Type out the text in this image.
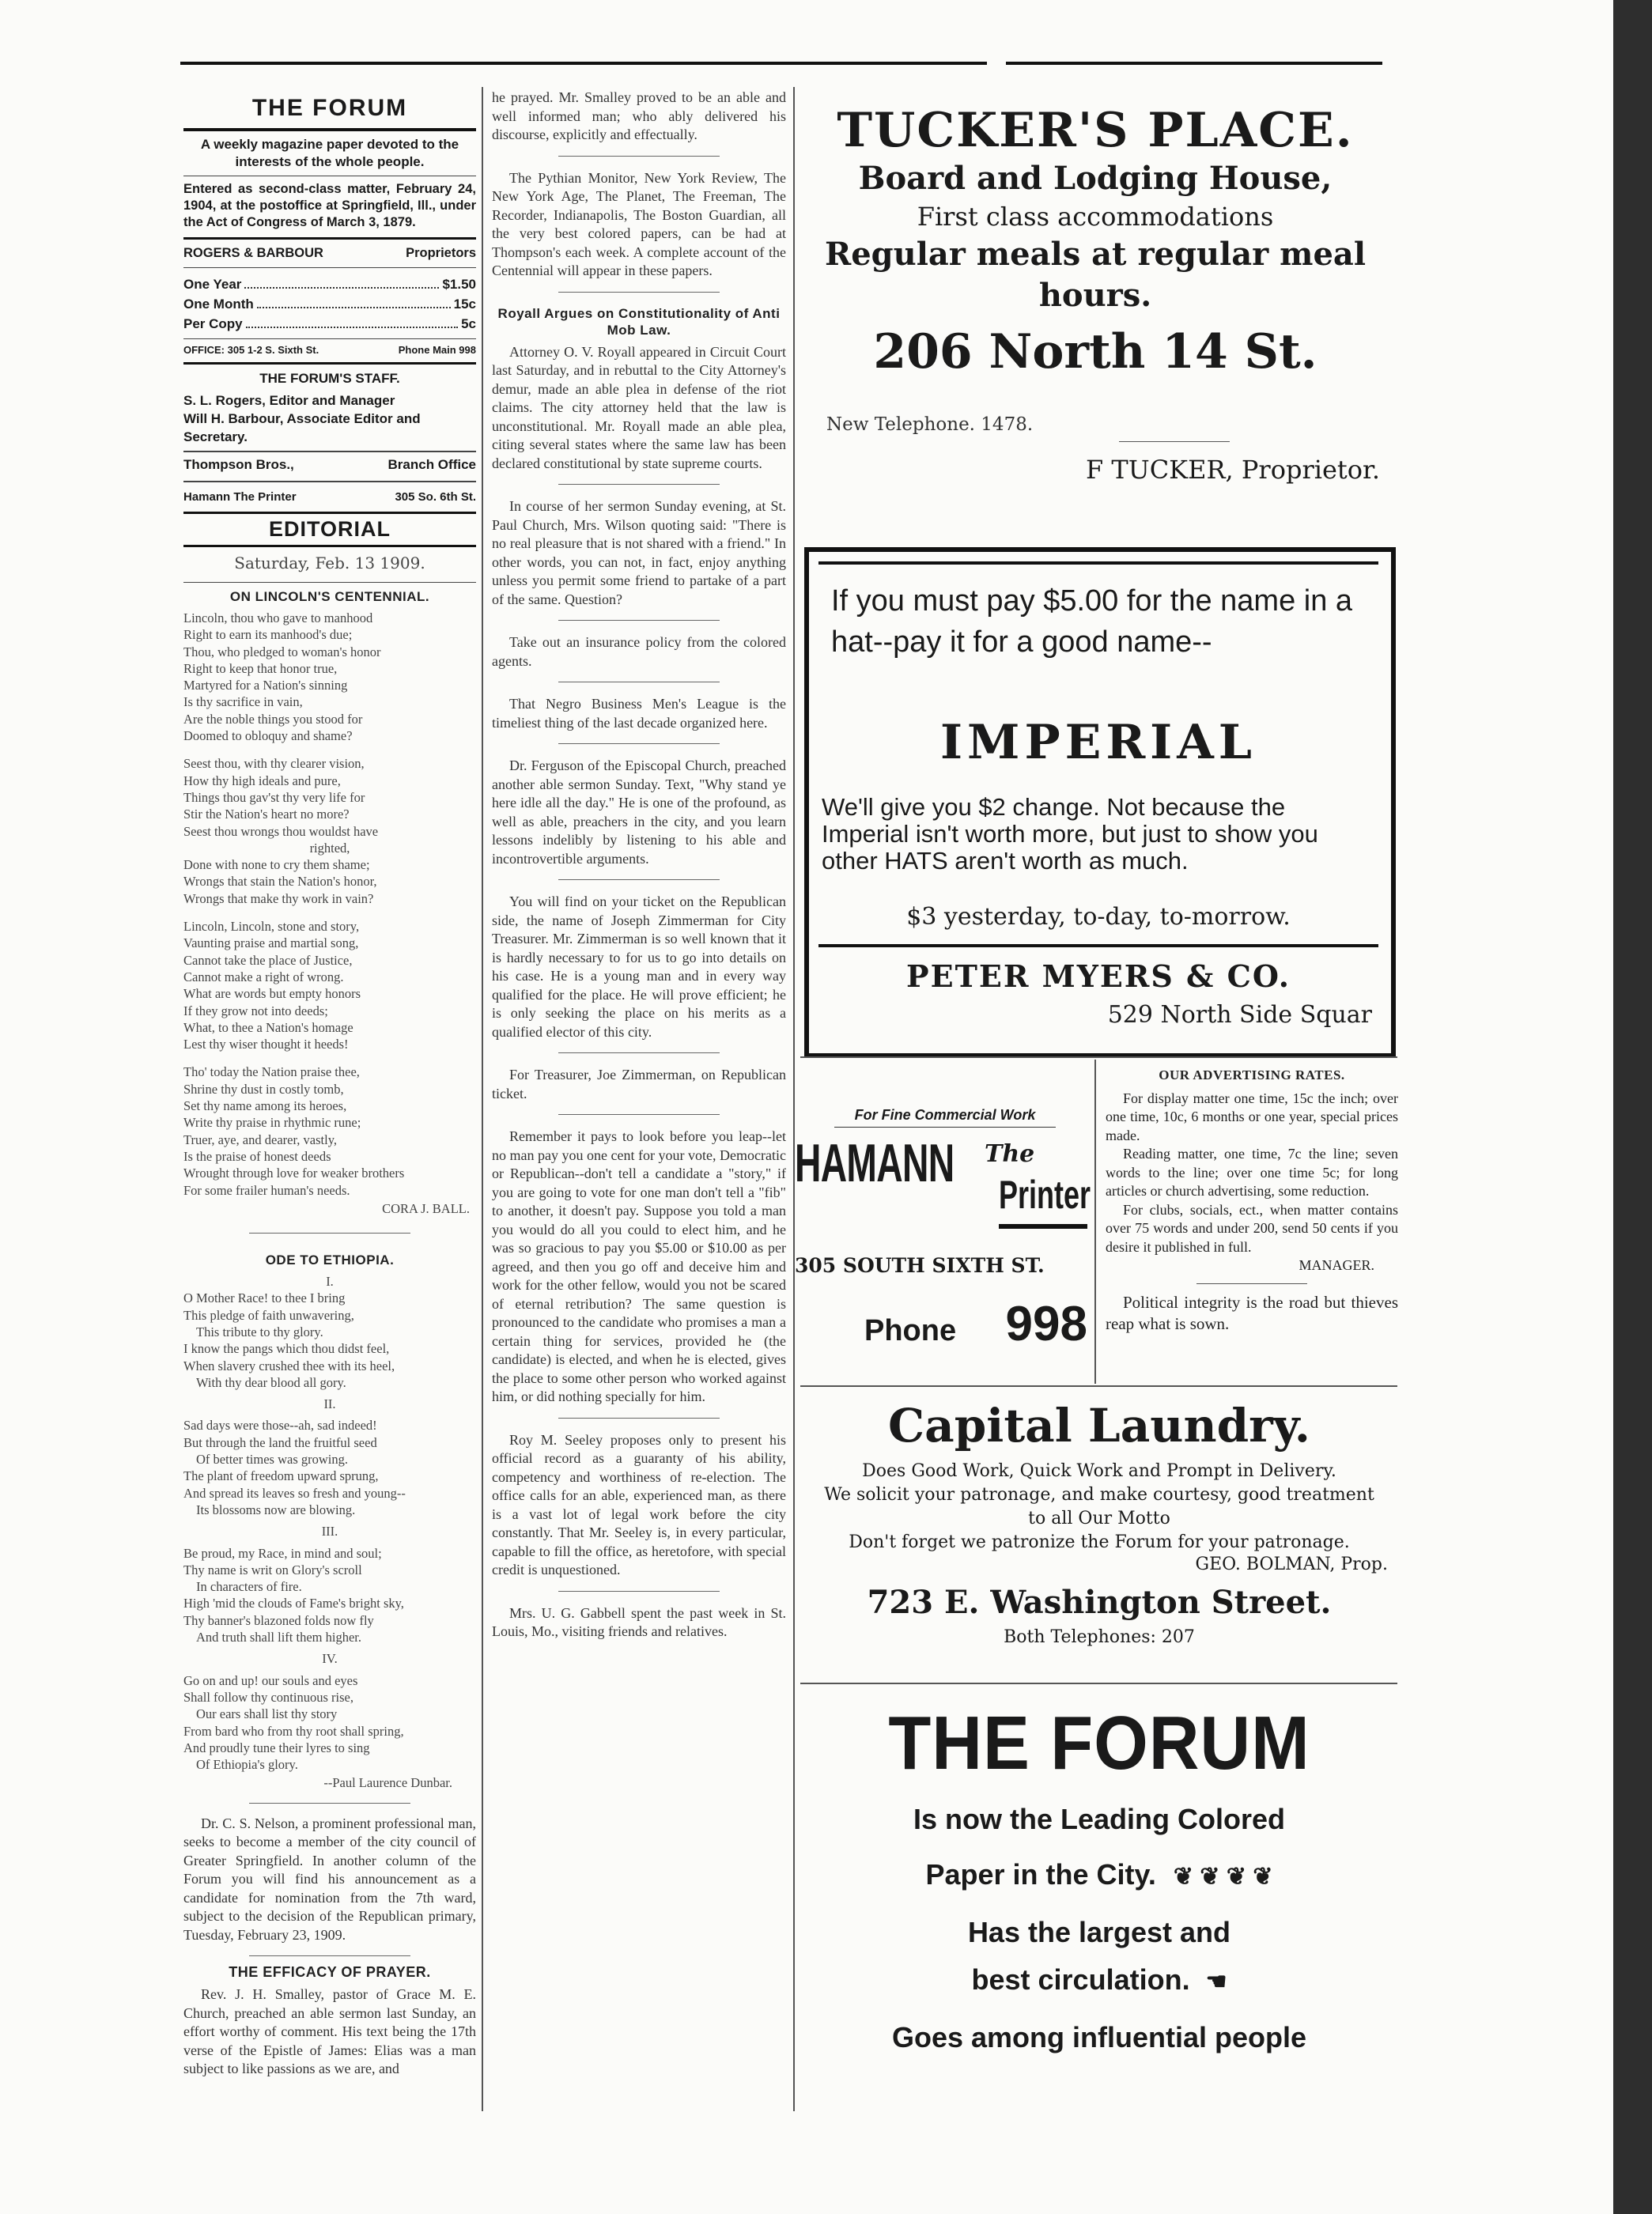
THE FORUM
A weekly magazine paper devoted to the interests of the whole people.
Entered as second-class matter, February 24, 1904, at the postoffice at Springfield, Ill., under the Act of Congress of March 3, 1879.
ROGERS & BARBOUR	Proprietors
One Year	$1.50
One Month	15c
Per Copy	5c
OFFICE: 305 1-2 S. Sixth St.	Phone Main 998
THE FORUM'S STAFF.
S. L. Rogers, Editor and Manager
Will H. Barbour, Associate Editor and Secretary.
Thompson Bros.,	Branch Office
Hamann The Printer	305 So. 6th St.
EDITORIAL
Saturday, Feb. 13 1909.
ON LINCOLN'S CENTENNIAL.
Lincoln, thou who gave to manhood
Right to earn its manhood's due;
Thou, who pledged to woman's honor
Right to keep that honor true,
Martyred for a Nation's sinning
Is thy sacrifice in vain,
Are the noble things you stood for
Doomed to obloquy and shame?
Seest thou, with thy clearer vision,
How thy high ideals and pure,
Things thou gav'st thy very life for
Stir the Nation's heart no more?
Seest thou wrongs thou wouldst have
righted,
Done with none to cry them shame;
Wrongs that stain the Nation's honor,
Wrongs that make thy work in vain?
Lincoln, Lincoln, stone and story,
Vaunting praise and martial song,
Cannot take the place of Justice,
Cannot make a right of wrong.
What are words but empty honors
If they grow not into deeds;
What, to thee a Nation's homage
Lest thy wiser thought it heeds!
Tho' today the Nation praise thee,
Shrine thy dust in costly tomb,
Set thy name among its heroes,
Write thy praise in rhythmic rune;
Truer, aye, and dearer, vastly,
Is the praise of honest deeds
Wrought through love for weaker brothers
For some frailer human's needs.
CORA J. BALL.
ODE TO ETHIOPIA.
I.
O Mother Race! to thee I bring
This pledge of faith unwavering,
This tribute to thy glory.
I know the pangs which thou didst feel,
When slavery crushed thee with its heel,
With thy dear blood all gory.
II.
Sad days were those--ah, sad indeed!
But through the land the fruitful seed
Of better times was growing.
The plant of freedom upward sprung,
And spread its leaves so fresh and young--
Its blossoms now are blowing.
III.
Be proud, my Race, in mind and soul;
Thy name is writ on Glory's scroll
In characters of fire.
High 'mid the clouds of Fame's bright sky,
Thy banner's blazoned folds now fly
And truth shall lift them higher.
IV.
Go on and up! our souls and eyes
Shall follow thy continuous rise,
Our ears shall list thy story
From bard who from thy root shall spring,
And proudly tune their lyres to sing
Of Ethiopia's glory.
--Paul Laurence Dunbar.

Dr. C. S. Nelson, a prominent professional man, seeks to become a member of the city council of Greater Springfield. In another column of the Forum you will find his announcement as a candidate for nomination from the 7th ward, subject to the decision of the Republican primary, Tuesday, February 23, 1909.

THE EFFICACY OF PRAYER.

Rev. J. H. Smalley, pastor of Grace M. E. Church, preached an able sermon last Sunday, an effort worthy of comment. His text being the 17th verse of the Epistle of James: Elias was a man subject to like passions as we are, and

he prayed. Mr. Smalley proved to be an able and well informed man; who ably delivered his discourse, explicitly and effectually.

The Pythian Monitor, New York Review, The New York Age, The Planet, The Freeman, The Recorder, Indianapolis, The Boston Guardian, all the very best colored papers, can be had at Thompson's each week. A complete account of the Centennial will appear in these papers.

Royall Argues on Constitutionality of Anti Mob Law.

Attorney O. V. Royall appeared in Circuit Court last Saturday, and in rebuttal to the City Attorney's demur, made an able plea in defense of the riot claims. The city attorney held that the law is unconstitutional. Mr. Royall made an able plea, citing several states where the same law has been declared constitutional by state supreme courts.

In course of her sermon Sunday evening, at St. Paul Church, Mrs. Wilson quoting said: "There is no real pleasure that is not shared with a friend." In other words, you can not, in fact, enjoy anything unless you permit some friend to partake of a part of the same. Question?

Take out an insurance policy from the colored agents.

That Negro Business Men's League is the timeliest thing of the last decade organized here.

Dr. Ferguson of the Episcopal Church, preached another able sermon Sunday. Text, "Why stand ye here idle all the day." He is one of the profound, as well as able, preachers in the city, and you learn lessons indelibly by listening to his able and incontrovertible arguments.

You will find on your ticket on the Republican side, the name of Joseph Zimmerman for City Treasurer. Mr. Zimmerman is so well known that it is hardly necessary to for us to go into details on his case. He is a young man and in every way qualified for the place. He will prove efficient; he is only seeking the place on his merits as a qualified elector of this city.

For Treasurer, Joe Zimmerman, on Republican ticket.

Remember it pays to look before you leap--let no man pay you one cent for your vote, Democratic or Republican--don't tell a candidate a "story," if you are going to vote for one man don't tell a "fib" to another, it doesn't pay. Suppose you told a man you would do all you could to elect him, and he was so gracious to pay you $5.00 or $10.00 as per agreed, and then you go off and deceive him and work for the other fellow, would you not be scared of eternal retribution? The same question is pronounced to the candidate who promises a man a certain thing for services, provided he (the candidate) is elected, and when he is elected, gives the place to some other person who worked against him, or did nothing specially for him.

Roy M. Seeley proposes only to present his official record as a guaranty of his ability, competency and worthiness of re-election. The office calls for an able, experienced man, as there is a vast lot of legal work before the city constantly. That Mr. Seeley is, in every particular, capable to fill the office, as heretofore, with special credit is unquestioned.

Mrs. U. G. Gabbell spent the past week in St. Louis, Mo., visiting friends and relatives.

TUCKER'S PLACE.
Board and Lodging House,
First class accommodations
Regular meals at regular meal
hours.
206 North 14 St.
New Telephone. 1478.
F TUCKER, Proprietor.
If you must pay $5.00 for the name in a hat--pay it for a good name--
IMPERIAL
We'll give you $2 change. Not because the Imperial isn't worth more, but just to show you other HATS aren't worth as much.
$3 yesterday, to-day, to-morrow.
PETER MYERS & CO.
529 North Side Squar
For Fine Commercial Work
HAMANN The
Printer
305 SOUTH SIXTH ST.
Phone 998
OUR ADVERTISING RATES.

For display matter one time, 15c the inch; over one time, 10c, 6 months or one year, special prices made.

Reading matter, one time, 7c the line; seven words to the line; over one time 5c; for long articles or church advertising, some reduction.

For clubs, socials, ect., when matter contains over 75 words and under 200, send 50 cents if you desire it published in full.

MANAGER.

Political integrity is the road but thieves reap what is sown.

Capital Laundry.
Does Good Work, Quick Work and Prompt in Delivery.
We solicit your patronage, and make courtesy, good treatment
to all Our Motto
Don't forget we patronize the Forum for your patronage.
GEO. BOLMAN, Prop.
723 E. Washington Street.
Both Telephones: 207
THE FORUM
Is now the Leading Colored
Paper in the City. ❦ ❦ ❦ ❦
Has the largest and
best circulation. ☚
Goes among influential people
